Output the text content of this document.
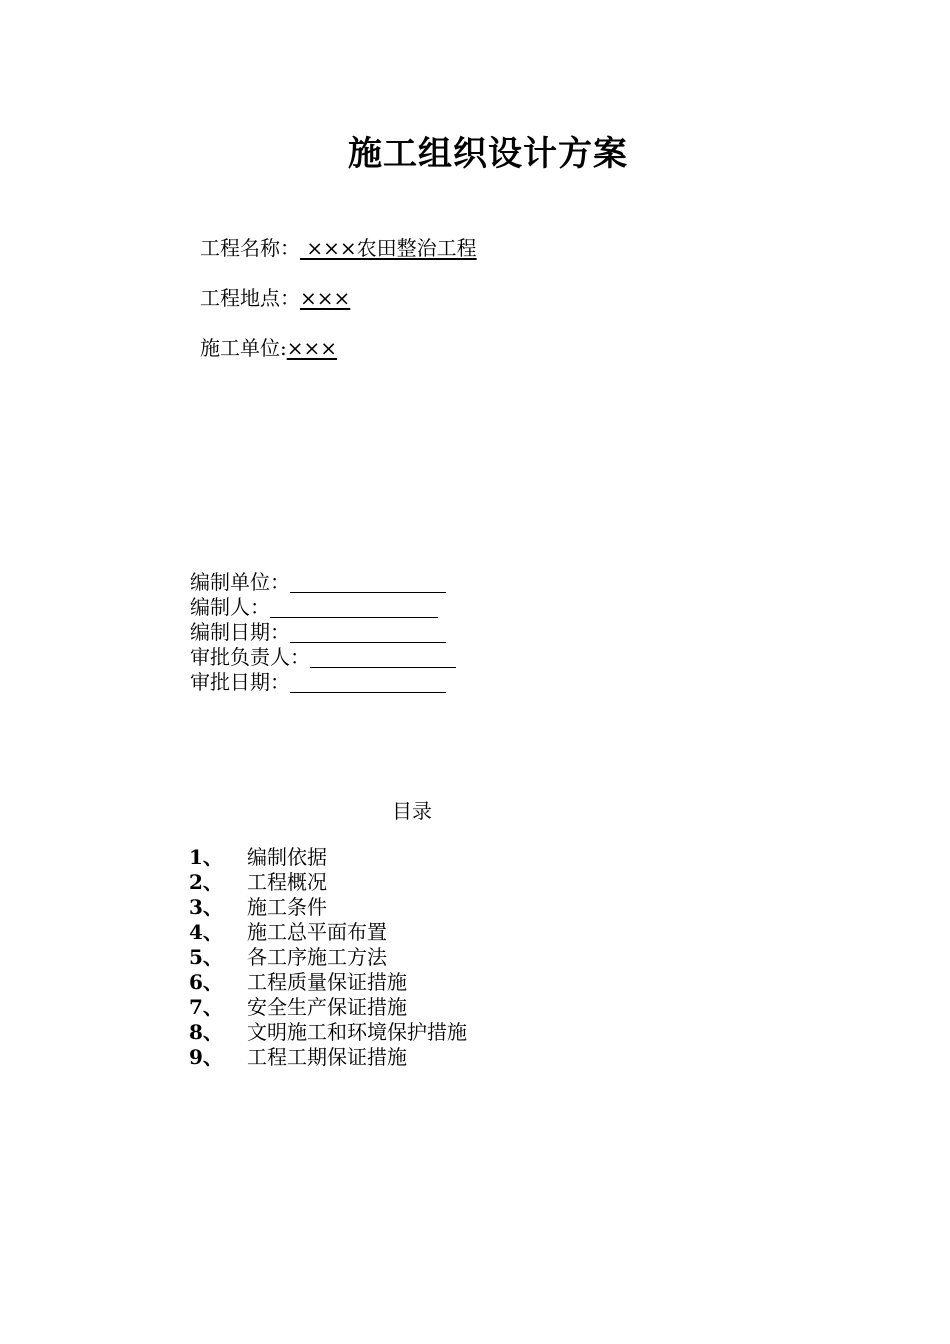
施工组织设计方案
工程名称： ×××农田整治工程
工程地点：×××
施工单位:×××
编制单位：
编制人：
编制日期：
审批负责人：
审批日期：
目录
1、	编制依据
2、	工程概况
3、	施工条件
4、	施工总平面布置
5、	各工序施工方法
6、	工程质量保证措施
7、	安全生产保证措施
8、	文明施工和环境保护措施
9、	工程工期保证措施
